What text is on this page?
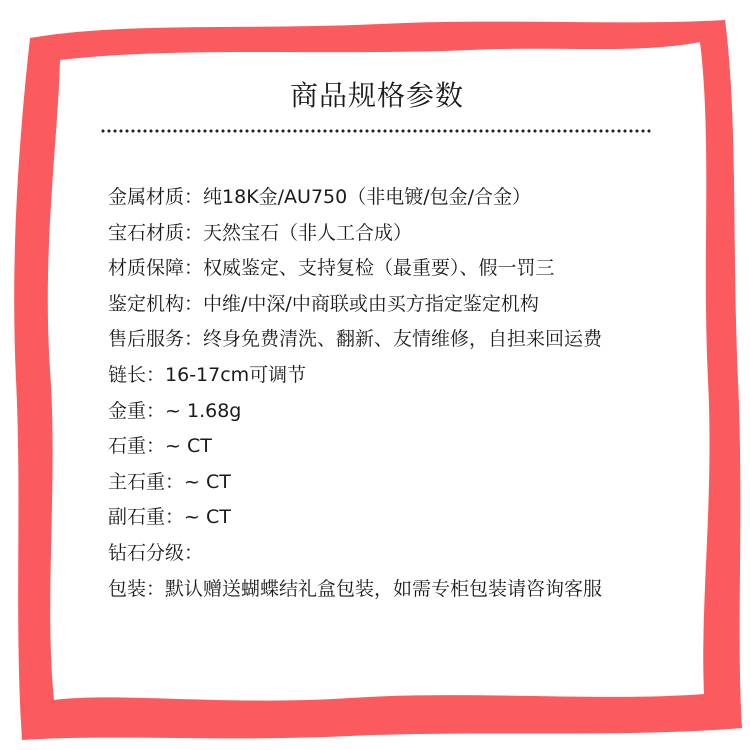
商品规格参数
金属材质：纯18K金/AU750（非电镀/包金/合金）
宝石材质：天然宝石（非人工合成）
材质保障：权威鉴定、支持复检（最重要）、假一罚三
鉴定机构：中维/中深/中商联或由买方指定鉴定机构
售后服务：终身免费清洗、翻新、友情维修，自担来回运费
链长：16-17cm可调节
金重：~ 1.68g
石重：~ CT
主石重：~ CT
副石重：~ CT
钻石分级：
包装：默认赠送蝴蝶结礼盒包装，如需专柜包装请咨询客服
